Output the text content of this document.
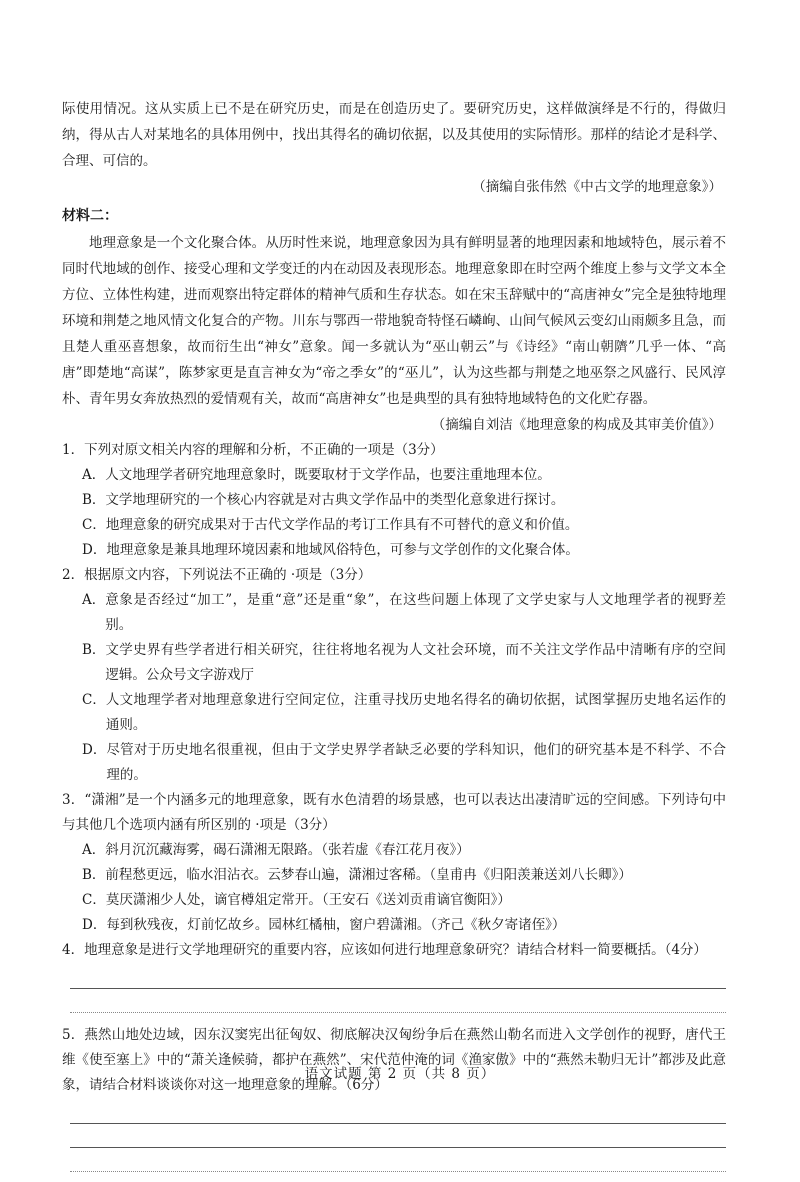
际使用情况。这从实质上已不是在研究历史，而是在创造历史了。要研究历史，这样做演绎是不行的，得做归纳，得从古人对某地名的具体用例中，找出其得名的确切依据，以及其使用的实际情形。那样的结论才是科学、合理、可信的。

（摘编自张伟然《中古文学的地理意象》）

材料二：

地理意象是一个文化聚合体。从历时性来说，地理意象因为具有鲜明显著的地理因素和地域特色，展示着不同时代地域的创作、接受心理和文学变迁的内在动因及表现形态。地理意象即在时空两个维度上参与文学文本全方位、立体性构建，进而观察出特定群体的精神气质和生存状态。如在宋玉辞赋中的“高唐神女”完全是独特地理环境和荆楚之地风情文化复合的产物。川东与鄂西一带地貌奇特怪石嶙峋、山间气候风云变幻山雨颇多且急，而且楚人重巫喜想象，故而衍生出“神女”意象。闻一多就认为“巫山朝云”与《诗经》“南山朝隮”几乎一体、“高唐”即楚地“高谋”，陈梦家更是直言神女为“帝之季女”的“巫儿”，认为这些都与荆楚之地巫祭之风盛行、民风淳朴、青年男女奔放热烈的爱情观有关，故而“高唐神女”也是典型的具有独特地域特色的文化贮存器。

（摘编自刘洁《地理意象的构成及其审美价值》）

1．下列对原文相关内容的理解和分析，不正确的一项是（3分）

A． 人文地理学者研究地理意象时，既要取材于文学作品，也要注重地理本位。
B． 文学地理研究的一个核心内容就是对古典文学作品中的类型化意象进行探讨。
C． 地理意象的研究成果对于古代文学作品的考订工作具有不可替代的意义和价值。
D． 地理意象是兼具地理环境因素和地域风俗特色，可参与文学创作的文化聚合体。

2．根据原文内容，下列说法不正确的 ·项是（3分）

A． 意象是否经过“加工”，是重“意”还是重“象”，在这些问题上体现了文学史家与人文地理学者的视野差别。
B． 文学史界有些学者进行相关研究，往往将地名视为人文社会环境，而不关注文学作品中清晰有序的空间逻辑。公众号文字游戏厅
C． 人文地理学者对地理意象进行空间定位，注重寻找历史地名得名的确切依据，试图掌握历史地名运作的通则。
D． 尽管对于历史地名很重视，但由于文学史界学者缺乏必要的学科知识，他们的研究基本是不科学、不合理的。

3．“潇湘”是一个内涵多元的地理意象，既有水色清碧的场景感，也可以表达出凄清旷远的空间感。下列诗句中与其他几个选项内涵有所区别的 ·项是（3分）

A． 斜月沉沉藏海雾，碣石潇湘无限路。（张若虚《春江花月夜》）
B． 前程愁更远，临水泪沾衣。云梦春山遍，潇湘过客稀。（皇甫冉《归阳羡兼送刘八长卿》）
C． 莫厌潇湘少人处，谪官樽俎定常开。（王安石《送刘贡甫谪官衡阳》）
D． 每到秋残夜，灯前忆故乡。园林红橘柚，窗户碧潇湘。（齐己《秋夕寄诸侄》）

4．地理意象是进行文学地理研究的重要内容，应该如何进行地理意象研究？请结合材料一简要概括。（4分）

5．燕然山地处边域，因东汉窦宪出征匈奴、彻底解决汉匈纷争后在燕然山勒名而进入文学创作的视野，唐代王维《使至塞上》中的“萧关逢候骑，都护在燕然”、宋代范仲淹的词《渔家傲》中的“燕然未勒归无计”都涉及此意象，请结合材料谈谈你对这一地理意象的理解。（6分）

语文试题 第 2 页（共 8 页）
